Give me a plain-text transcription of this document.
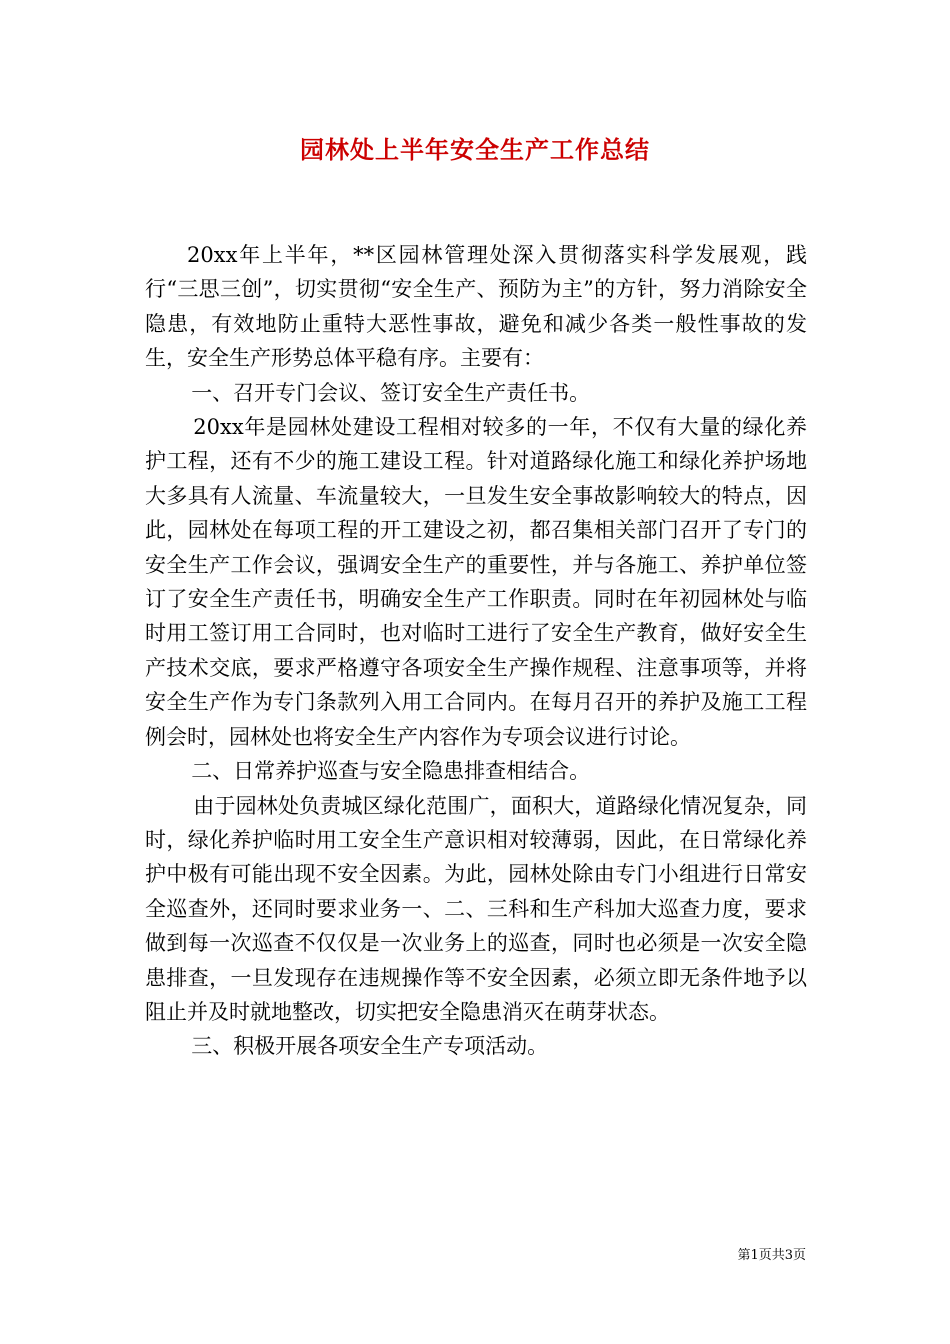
园林处上半年安全生产工作总结

20xx年上半年，**区园林管理处深入贯彻落实科学发展观，践行“三思三创”，切实贯彻“安全生产、预防为主”的方针，努力消除安全隐患，有效地防止重特大恶性事故，避免和减少各类一般性事故的发生，安全生产形势总体平稳有序。主要有：

一、召开专门会议、签订安全生产责任书。

20xx年是园林处建设工程相对较多的一年，不仅有大量的绿化养护工程，还有不少的施工建设工程。针对道路绿化施工和绿化养护场地大多具有人流量、车流量较大，一旦发生安全事故影响较大的特点，因此，园林处在每项工程的开工建设之初，都召集相关部门召开了专门的安全生产工作会议，强调安全生产的重要性，并与各施工、养护单位签订了安全生产责任书，明确安全生产工作职责。同时在年初园林处与临时用工签订用工合同时，也对临时工进行了安全生产教育，做好安全生产技术交底，要求严格遵守各项安全生产操作规程、注意事项等，并将安全生产作为专门条款列入用工合同内。在每月召开的养护及施工工程例会时，园林处也将安全生产内容作为专项会议进行讨论。

二、日常养护巡查与安全隐患排查相结合。

由于园林处负责城区绿化范围广，面积大，道路绿化情况复杂，同时，绿化养护临时用工安全生产意识相对较薄弱，因此，在日常绿化养护中极有可能出现不安全因素。为此，园林处除由专门小组进行日常安全巡查外，还同时要求业务一、二、三科和生产科加大巡查力度，要求做到每一次巡查不仅仅是一次业务上的巡查，同时也必须是一次安全隐患排查，一旦发现存在违规操作等不安全因素，必须立即无条件地予以阻止并及时就地整改，切实把安全隐患消灭在萌芽状态。

三、积极开展各项安全生产专项活动。

第1页共3页
